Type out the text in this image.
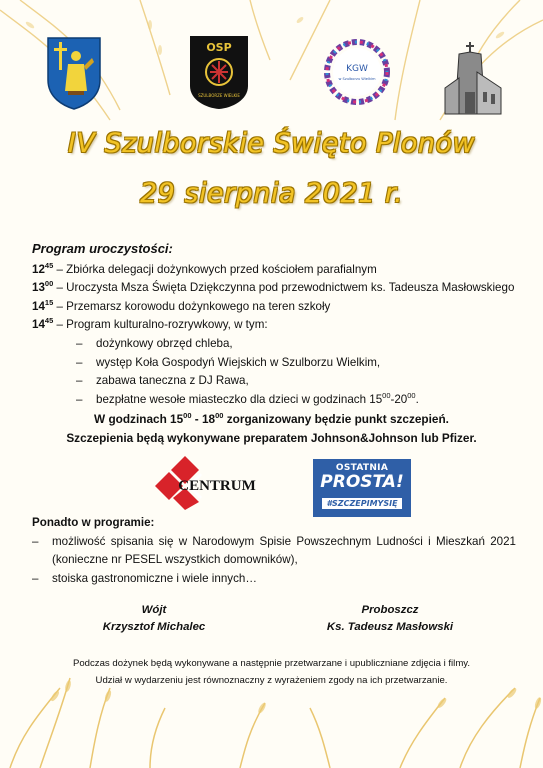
OSP
SZULBORZE WIELKIE
KGW
w Szulborzu Wielkim
IV Szulborskie Święto Plonów
29 sierpnia 2021 r.
Program uroczystości:
$12^{45}$ – Zbiórka delegacji dożynkowych przed kościołem parafialnym
$13^{00}$ – Uroczysta Msza Święta Dziękczynna pod przewodnictwem ks. Tadeusza Masłowskiego
$14^{15}$ – Przemarsz korowodu dożynkowego na teren szkoły
$14^{45}$ – Program kulturalno-rozrywkowy, w tym:
– dożynkowy obrzęd chleba,
– występ Koła Gospodyń Wiejskich w Szulborzu Wielkim,
– zabawa taneczna z DJ Rawa,
– bezpłatne wesołe miasteczko dla dzieci w godzinach $15^{00}-20^{00}$.
W godzinach $15^{00} - 18^{00}$ zorganizowany będzie punkt szczepień.
Szczepienia będą wykonywane preparatem Johnson&Johnson lub Pfizer.
CENTRUM
OSTATNIA
PROSTA!
#SZCZEPIMYSIĘ
Ponadto w programie:
– możliwość spisania się w Narodowym Spisie Powszechnym Ludności i Mieszkań 2021
(konieczne nr PESEL wszystkich domowników),
– stoiska gastronomiczne i wiele innych…
Wójt
Krzysztof Michalec
Proboszcz
Ks. Tadeusz Masłowski
Podczas dożynek będą wykonywane a następnie przetwarzane i upubliczniane zdjęcia i filmy.
Udział w wydarzeniu jest równoznaczny z wyrażeniem zgody na ich przetwarzanie.
